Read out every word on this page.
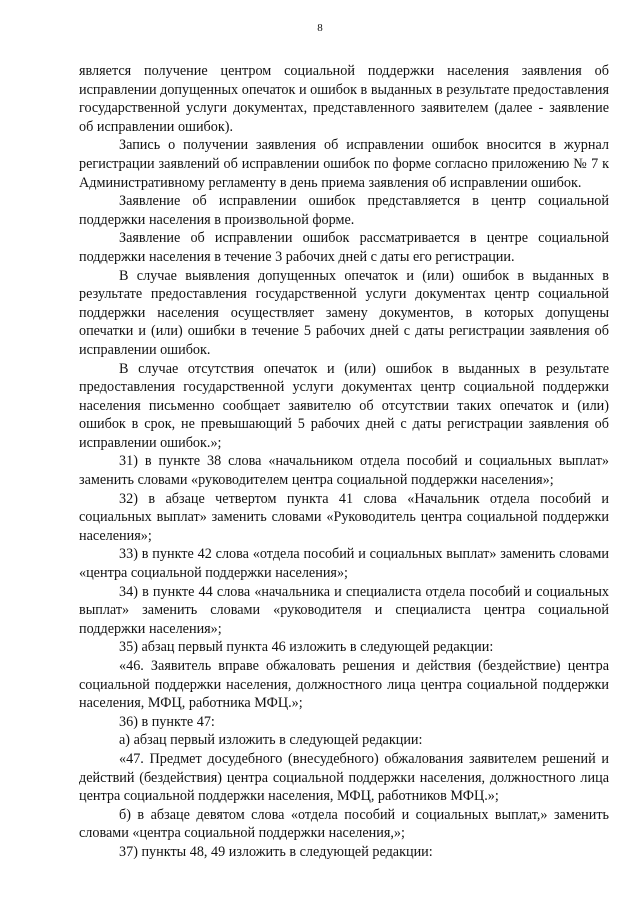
8

является получение центром социальной поддержки населения заявления об исправлении допущенных опечаток и ошибок в выданных в результате предоставления государственной услуги документах, представленного заявителем (далее - заявление об исправлении ошибок).

Запись о получении заявления об исправлении ошибок вносится в журнал регистрации заявлений об исправлении ошибок по форме согласно приложению № 7 к Административному регламенту в день приема заявления об исправлении ошибок.

Заявление об исправлении ошибок представляется в центр социальной поддержки населения в произвольной форме.

Заявление об исправлении ошибок рассматривается в центре социальной поддержки населения в течение 3 рабочих дней с даты его регистрации.

В случае выявления допущенных опечаток и (или) ошибок в выданных в результате предоставления государственной услуги документах центр социальной поддержки населения осуществляет замену документов, в которых допущены опечатки и (или) ошибки в течение 5 рабочих дней с даты регистрации заявления об исправлении ошибок.

В случае отсутствия опечаток и (или) ошибок в выданных в результате предоставления государственной услуги документах центр социальной поддержки населения письменно сообщает заявителю об отсутствии таких опечаток и (или) ошибок в срок, не превышающий 5 рабочих дней с даты регистрации заявления об исправлении ошибок.»;

31) в пункте 38 слова «начальником отдела пособий и социальных выплат» заменить словами «руководителем центра социальной поддержки населения»;

32) в абзаце четвертом пункта 41 слова «Начальник отдела пособий и социальных выплат» заменить словами «Руководитель центра социальной поддержки населения»;

33) в пункте 42 слова «отдела пособий и социальных выплат» заменить словами «центра социальной поддержки населения»;

34) в пункте 44 слова «начальника и специалиста отдела пособий и социальных выплат» заменить словами «руководителя и специалиста центра социальной поддержки населения»;

35) абзац первый пункта 46 изложить в следующей редакции:

«46. Заявитель вправе обжаловать решения и действия (бездействие) центра социальной поддержки населения, должностного лица центра социальной поддержки населения, МФЦ, работника МФЦ.»;

36) в пункте 47:

а) абзац первый изложить в следующей редакции:

«47. Предмет досудебного (внесудебного) обжалования заявителем решений и действий (бездействия) центра социальной поддержки населения, должностного лица центра социальной поддержки населения, МФЦ, работников МФЦ.»;

б) в абзаце девятом слова «отдела пособий и социальных выплат,» заменить словами «центра социальной поддержки населения,»;

37) пункты 48, 49 изложить в следующей редакции:
